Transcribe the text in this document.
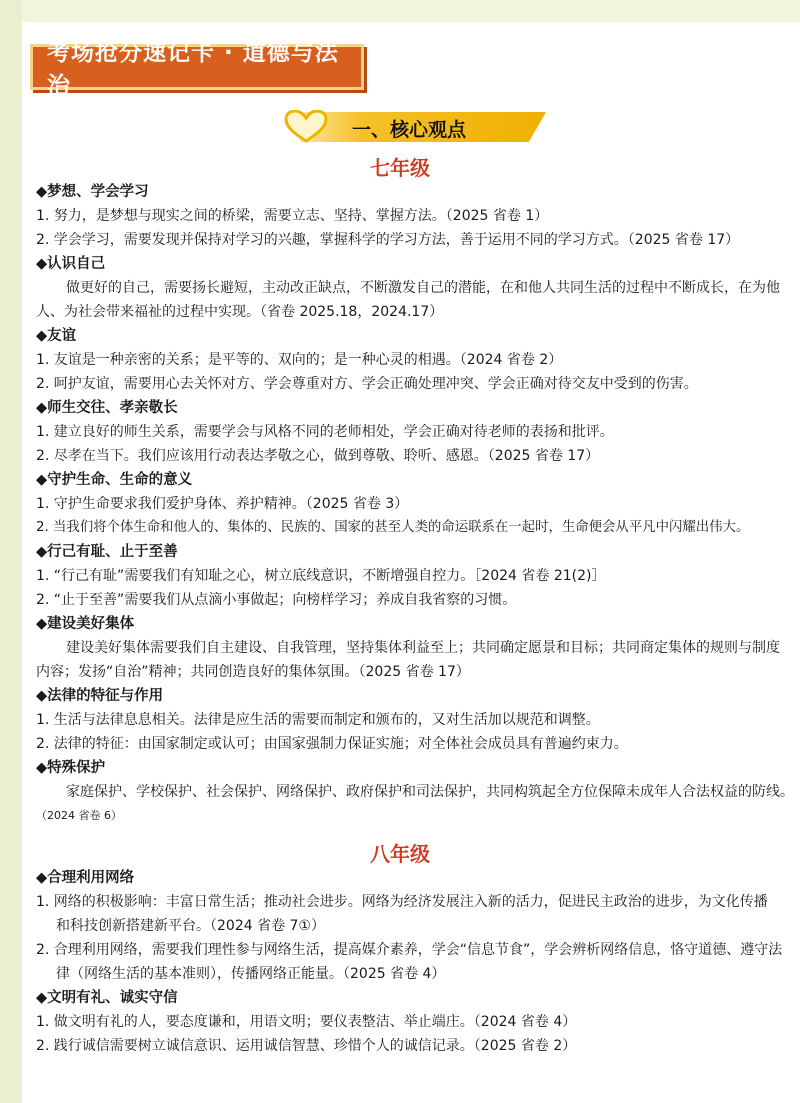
考场抢分速记卡 · 道德与法治
一、核心观点
七年级
◆梦想、学会学习
1. 努力，是梦想与现实之间的桥梁，需要立志、坚持、掌握方法。（2025 省卷 1）
2. 学会学习，需要发现并保持对学习的兴趣，掌握科学的学习方法，善于运用不同的学习方式。（2025 省卷 17）
◆认识自己
做更好的自己，需要扬长避短，主动改正缺点，不断激发自己的潜能，在和他人共同生活的过程中不断成长，在为他
人、为社会带来福祉的过程中实现。（省卷 2025.18，2024.17）
◆友谊
1. 友谊是一种亲密的关系；是平等的、双向的；是一种心灵的相遇。（2024 省卷 2）
2. 呵护友谊，需要用心去关怀对方、学会尊重对方、学会正确处理冲突、学会正确对待交友中受到的伤害。
◆师生交往、孝亲敬长
1. 建立良好的师生关系，需要学会与风格不同的老师相处，学会正确对待老师的表扬和批评。
2. 尽孝在当下。我们应该用行动表达孝敬之心，做到尊敬、聆听、感恩。（2025 省卷 17）
◆守护生命、生命的意义
1. 守护生命要求我们爱护身体、养护精神。（2025 省卷 3）
2. 当我们将个体生命和他人的、集体的、民族的、国家的甚至人类的命运联系在一起时，生命便会从平凡中闪耀出伟大。
◆行己有耻、止于至善
1. “行己有耻”需要我们有知耻之心，树立底线意识，不断增强自控力。［2024 省卷 21(2)］
2. “止于至善”需要我们从点滴小事做起；向榜样学习；养成自我省察的习惯。
◆建设美好集体
建设美好集体需要我们自主建设、自我管理，坚持集体利益至上；共同确定愿景和目标；共同商定集体的规则与制度
内容；发扬“自治”精神；共同创造良好的集体氛围。（2025 省卷 17）
◆法律的特征与作用
1. 生活与法律息息相关。法律是应生活的需要而制定和颁布的，又对生活加以规范和调整。
2. 法律的特征：由国家制定或认可；由国家强制力保证实施；对全体社会成员具有普遍约束力。
◆特殊保护
家庭保护、学校保护、社会保护、网络保护、政府保护和司法保护，共同构筑起全方位保障未成年人合法权益的防线。
（2024 省卷 6）
八年级
◆合理利用网络
1. 网络的积极影响：丰富日常生活；推动社会进步。网络为经济发展注入新的活力，促进民主政治的进步，为文化传播
和科技创新搭建新平台。（2024 省卷 7①）
2. 合理利用网络，需要我们理性参与网络生活，提高媒介素养，学会“信息节食”，学会辨析网络信息，恪守道德、遵守法
律（网络生活的基本准则），传播网络正能量。（2025 省卷 4）
◆文明有礼、诚实守信
1. 做文明有礼的人，要态度谦和，用语文明；要仪表整洁、举止端庄。（2024 省卷 4）
2. 践行诚信需要树立诚信意识、运用诚信智慧、珍惜个人的诚信记录。（2025 省卷 2）
